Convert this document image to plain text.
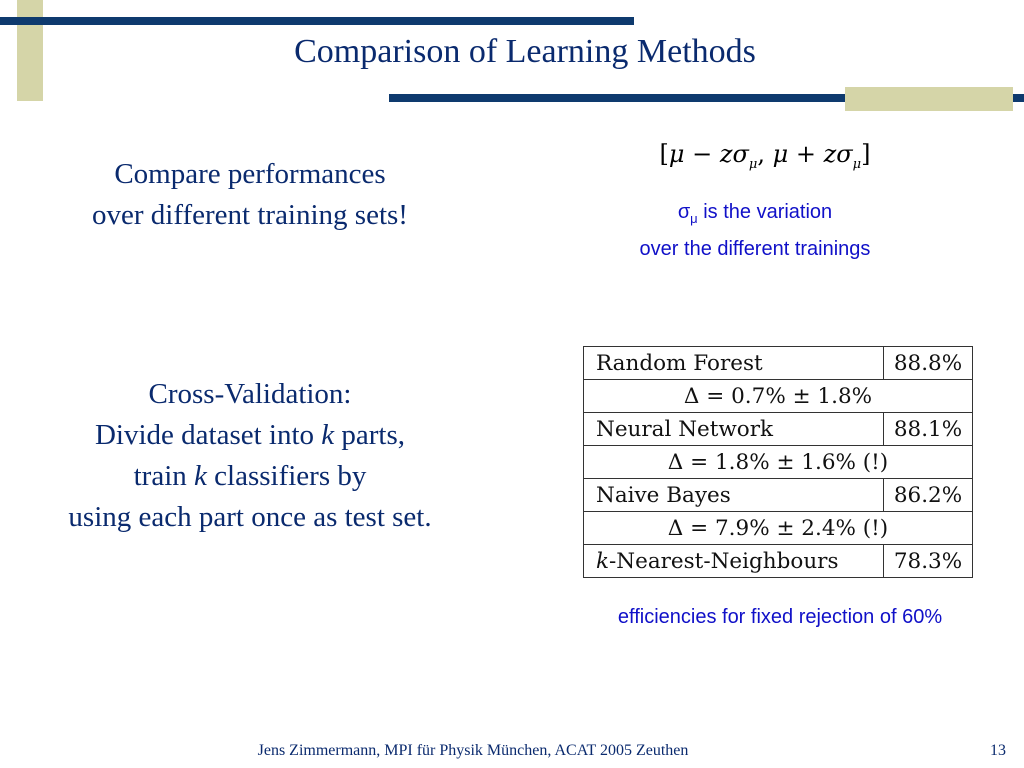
Comparison of Learning Methods
Compare performances
over different training sets!
[$\mu - z\sigma_\mu$, $\mu + z\sigma_\mu$]
$\sigma_\mu$ is the variation
over the different trainings
Cross-Validation:
Divide dataset into k parts,
train k classifiers by
using each part once as test set.
Random Forest	88.8%
Δ = 0.7% ± 1.8%	
Neural Network	88.1%
Δ = 1.8% ± 1.6% (!)	
Naive Bayes	86.2%
Δ = 7.9% ± 2.4% (!)	
k-Nearest-Neighbours	78.3%
efficiencies for fixed rejection of 60%
Jens Zimmermann, MPI für Physik München, ACAT 2005 Zeuthen	13
